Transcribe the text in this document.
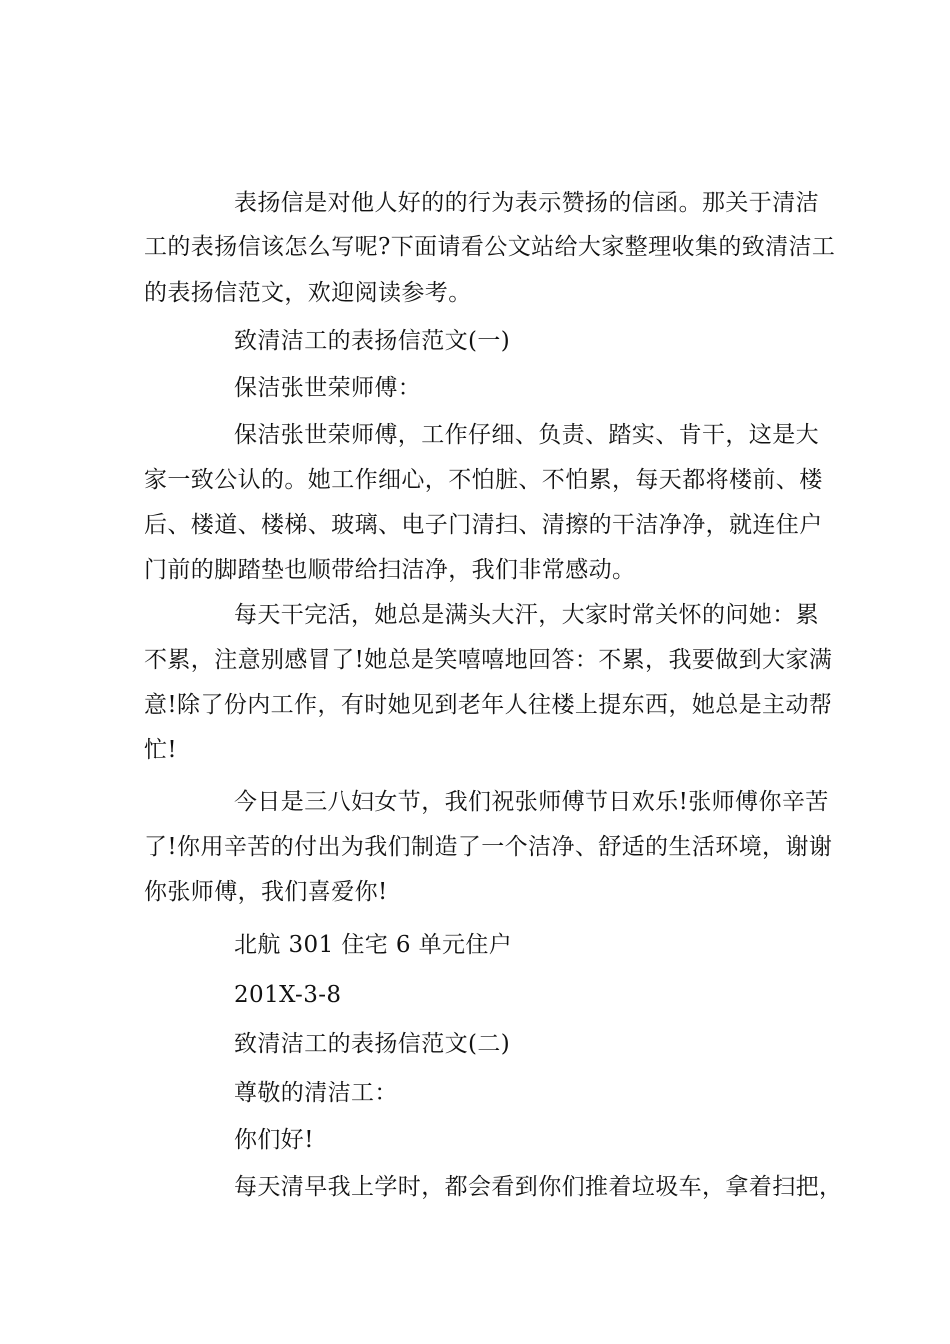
表扬信是对他人好的的行为表示赞扬的信函。那关于清洁
工的表扬信该怎么写呢?下面请看公文站给大家整理收集的致清洁工
的表扬信范文，欢迎阅读参考。
致清洁工的表扬信范文(一)
保洁张世荣师傅：
保洁张世荣师傅，工作仔细、负责、踏实、肯干，这是大
家一致公认的。她工作细心，不怕脏、不怕累，每天都将楼前、楼
后、楼道、楼梯、玻璃、电子门清扫、清擦的干洁净净，就连住户
门前的脚踏垫也顺带给扫洁净，我们非常感动。
每天干完活，她总是满头大汗，大家时常关怀的问她：累
不累，注意别感冒了!她总是笑嘻嘻地回答：不累，我要做到大家满
意!除了份内工作，有时她见到老年人往楼上提东西，她总是主动帮
忙!
今日是三八妇女节，我们祝张师傅节日欢乐!张师傅你辛苦
了!你用辛苦的付出为我们制造了一个洁净、舒适的生活环境，谢谢
你张师傅，我们喜爱你!
北航 301 住宅 6 单元住户
201X-3-8
致清洁工的表扬信范文(二)
尊敬的清洁工：
你们好!
每天清早我上学时，都会看到你们推着垃圾车，拿着扫把，
